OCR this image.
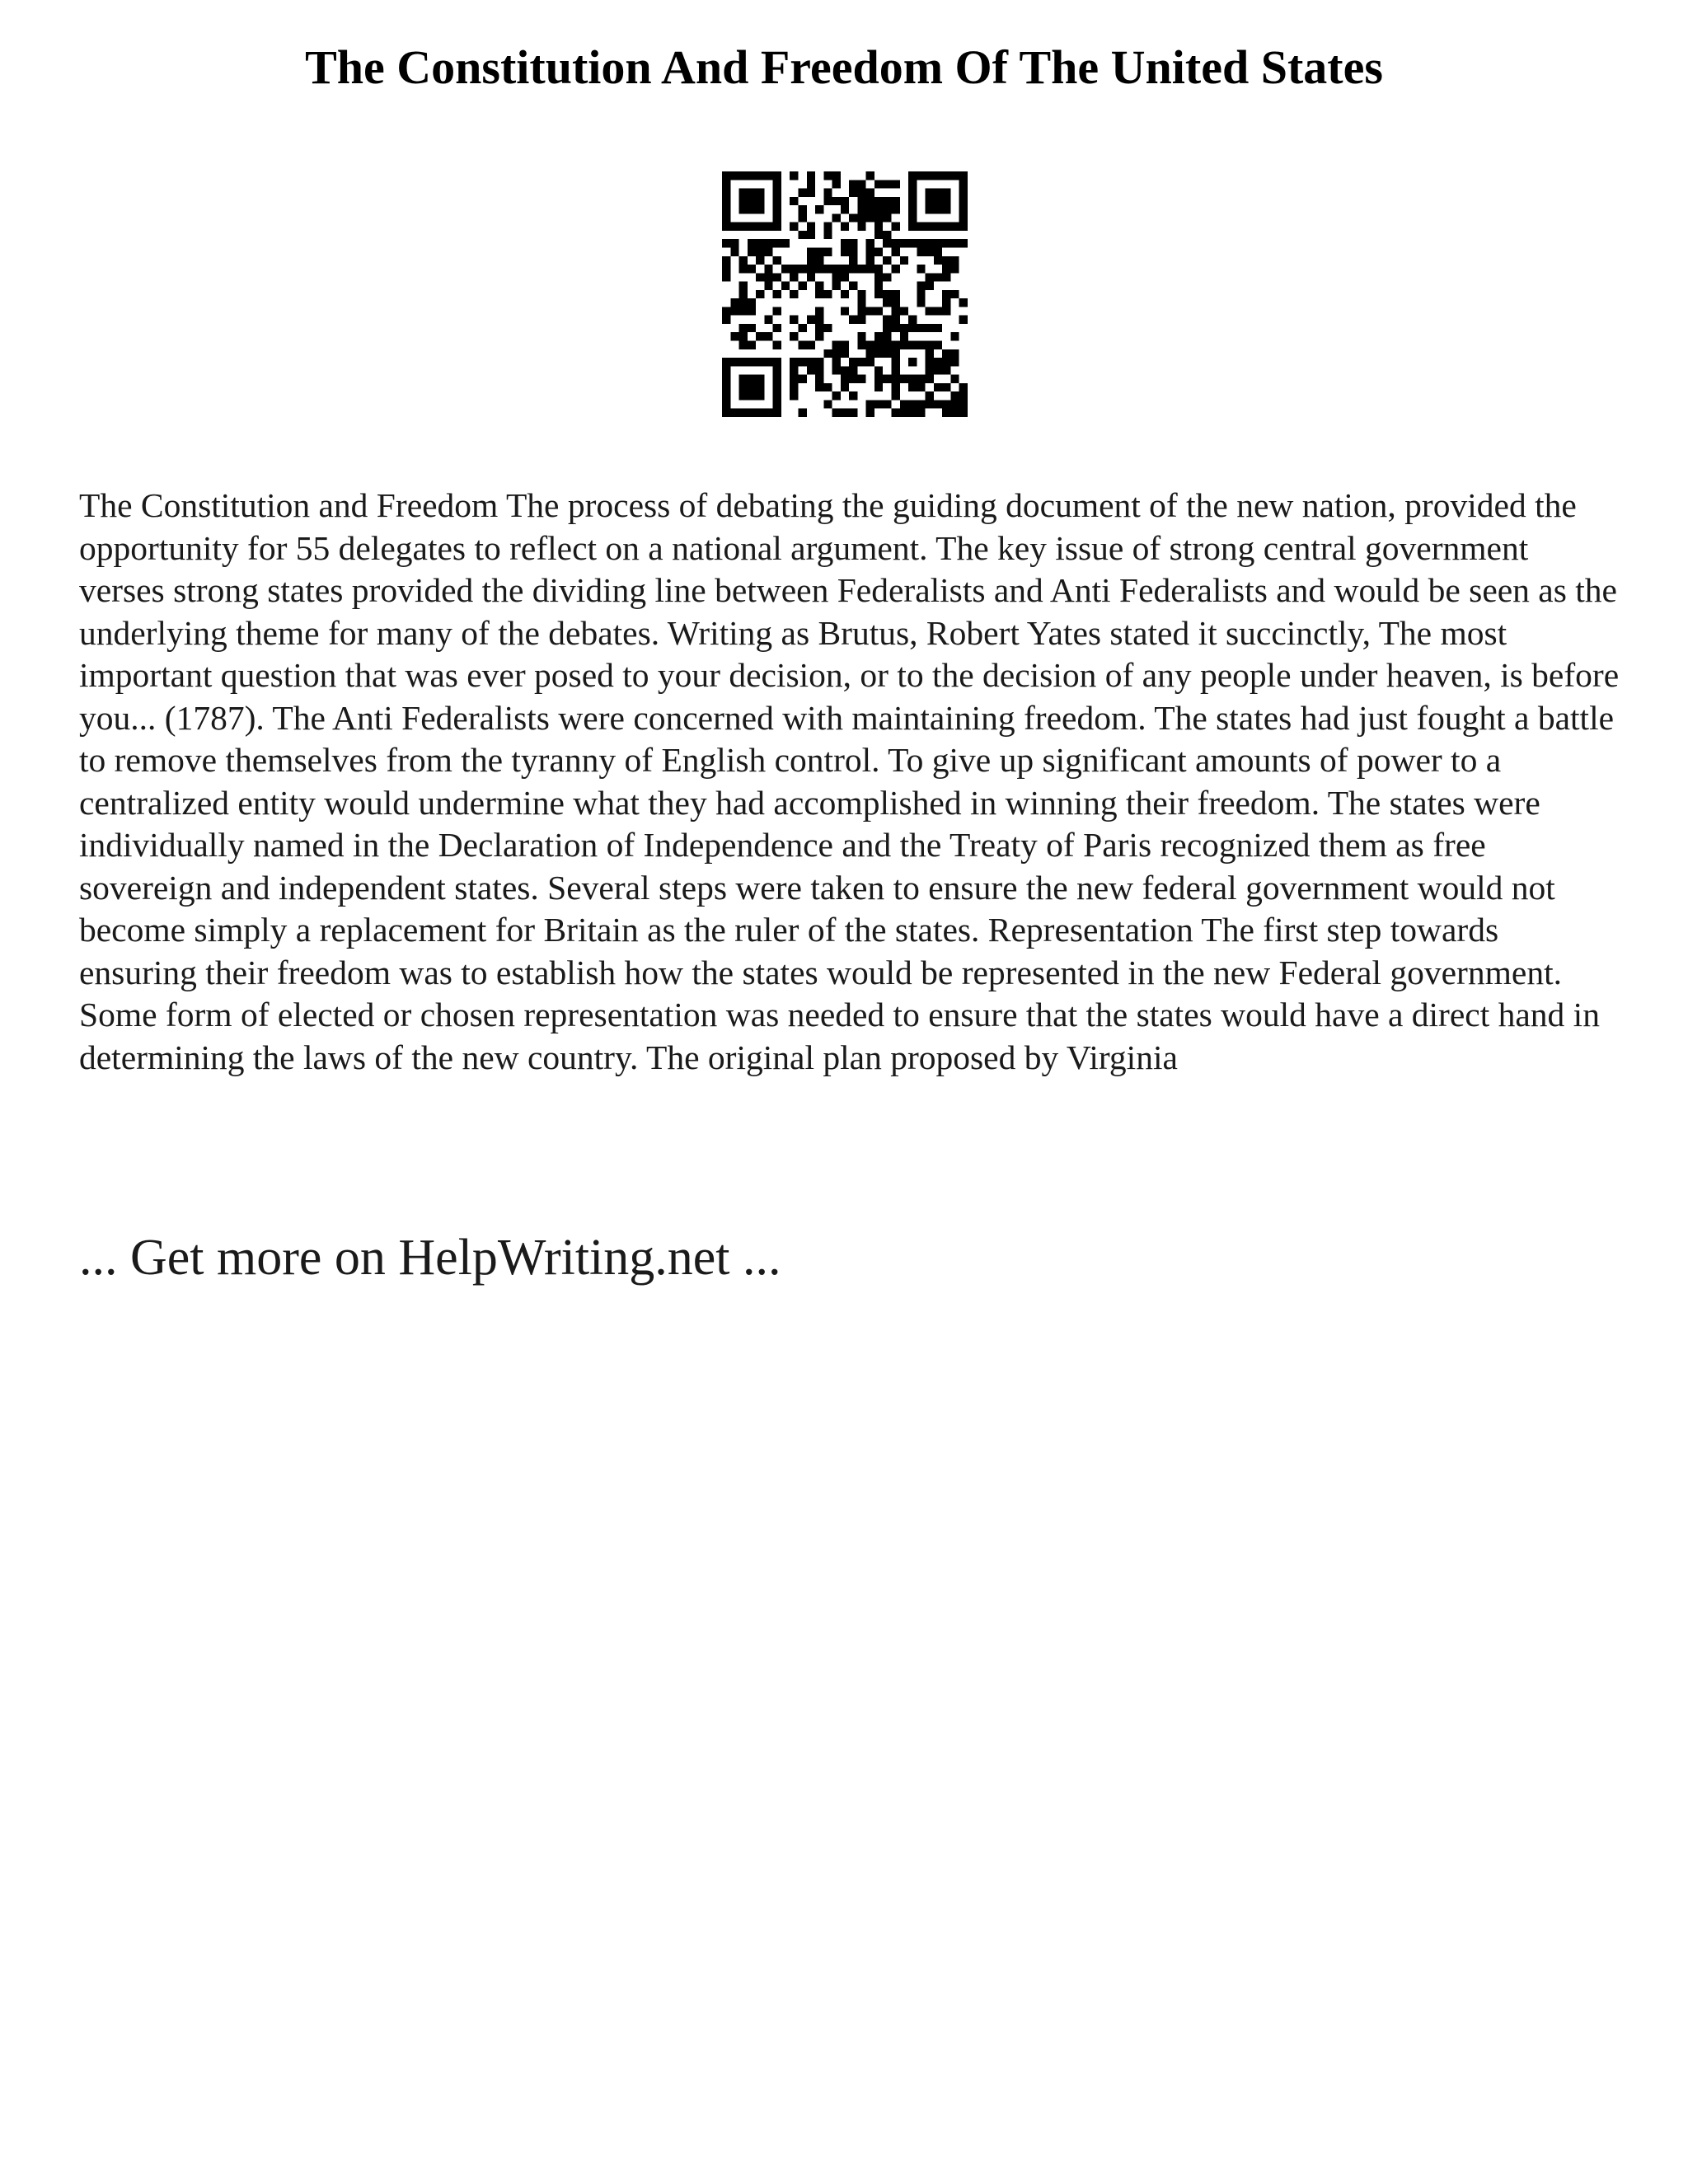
The Constitution And Freedom Of The United States

The Constitution and Freedom The process of debating the guiding document of the new nation, provided the opportunity for 55 delegates to reflect on a national argument. The key issue of strong central government verses strong states provided the dividing line between Federalists and Anti Federalists and would be seen as the underlying theme for many of the debates. Writing as Brutus, Robert Yates stated it succinctly, The most important question that was ever posed to your decision, or to the decision of any people under heaven, is before you... (1787). The Anti Federalists were concerned with maintaining freedom. The states had just fought a battle to remove themselves from the tyranny of English control. To give up significant amounts of power to a centralized entity would undermine what they had accomplished in winning their freedom. The states were individually named in the Declaration of Independence and the Treaty of Paris recognized them as free sovereign and independent states. Several steps were taken to ensure the new federal government would not become simply a replacement for Britain as the ruler of the states. Representation The first step towards ensuring their freedom was to establish how the states would be represented in the new Federal government. Some form of elected or chosen representation was needed to ensure that the states would have a direct hand in determining the laws of the new country. The original plan proposed by Virginia

... Get more on HelpWriting.net ...
